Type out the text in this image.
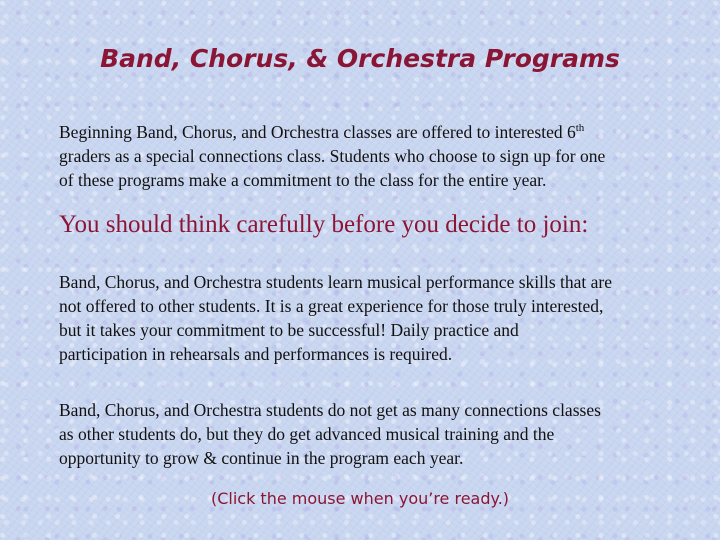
Band, Chorus, & Orchestra Programs

Beginning Band, Chorus, and Orchestra classes are offered to interested 6th
graders as a special connections class. Students who choose to sign up for one
of these programs make a commitment to the class for the entire year.

You should think carefully before you decide to join:

Band, Chorus, and Orchestra students learn musical performance skills that are
not offered to other students. It is a great experience for those truly interested,
but it takes your commitment to be successful! Daily practice and
participation in rehearsals and performances is required.

Band, Chorus, and Orchestra students do not get as many connections classes
as other students do, but they do get advanced musical training and the
opportunity to grow & continue in the program each year.

(Click the mouse when you’re ready.)
